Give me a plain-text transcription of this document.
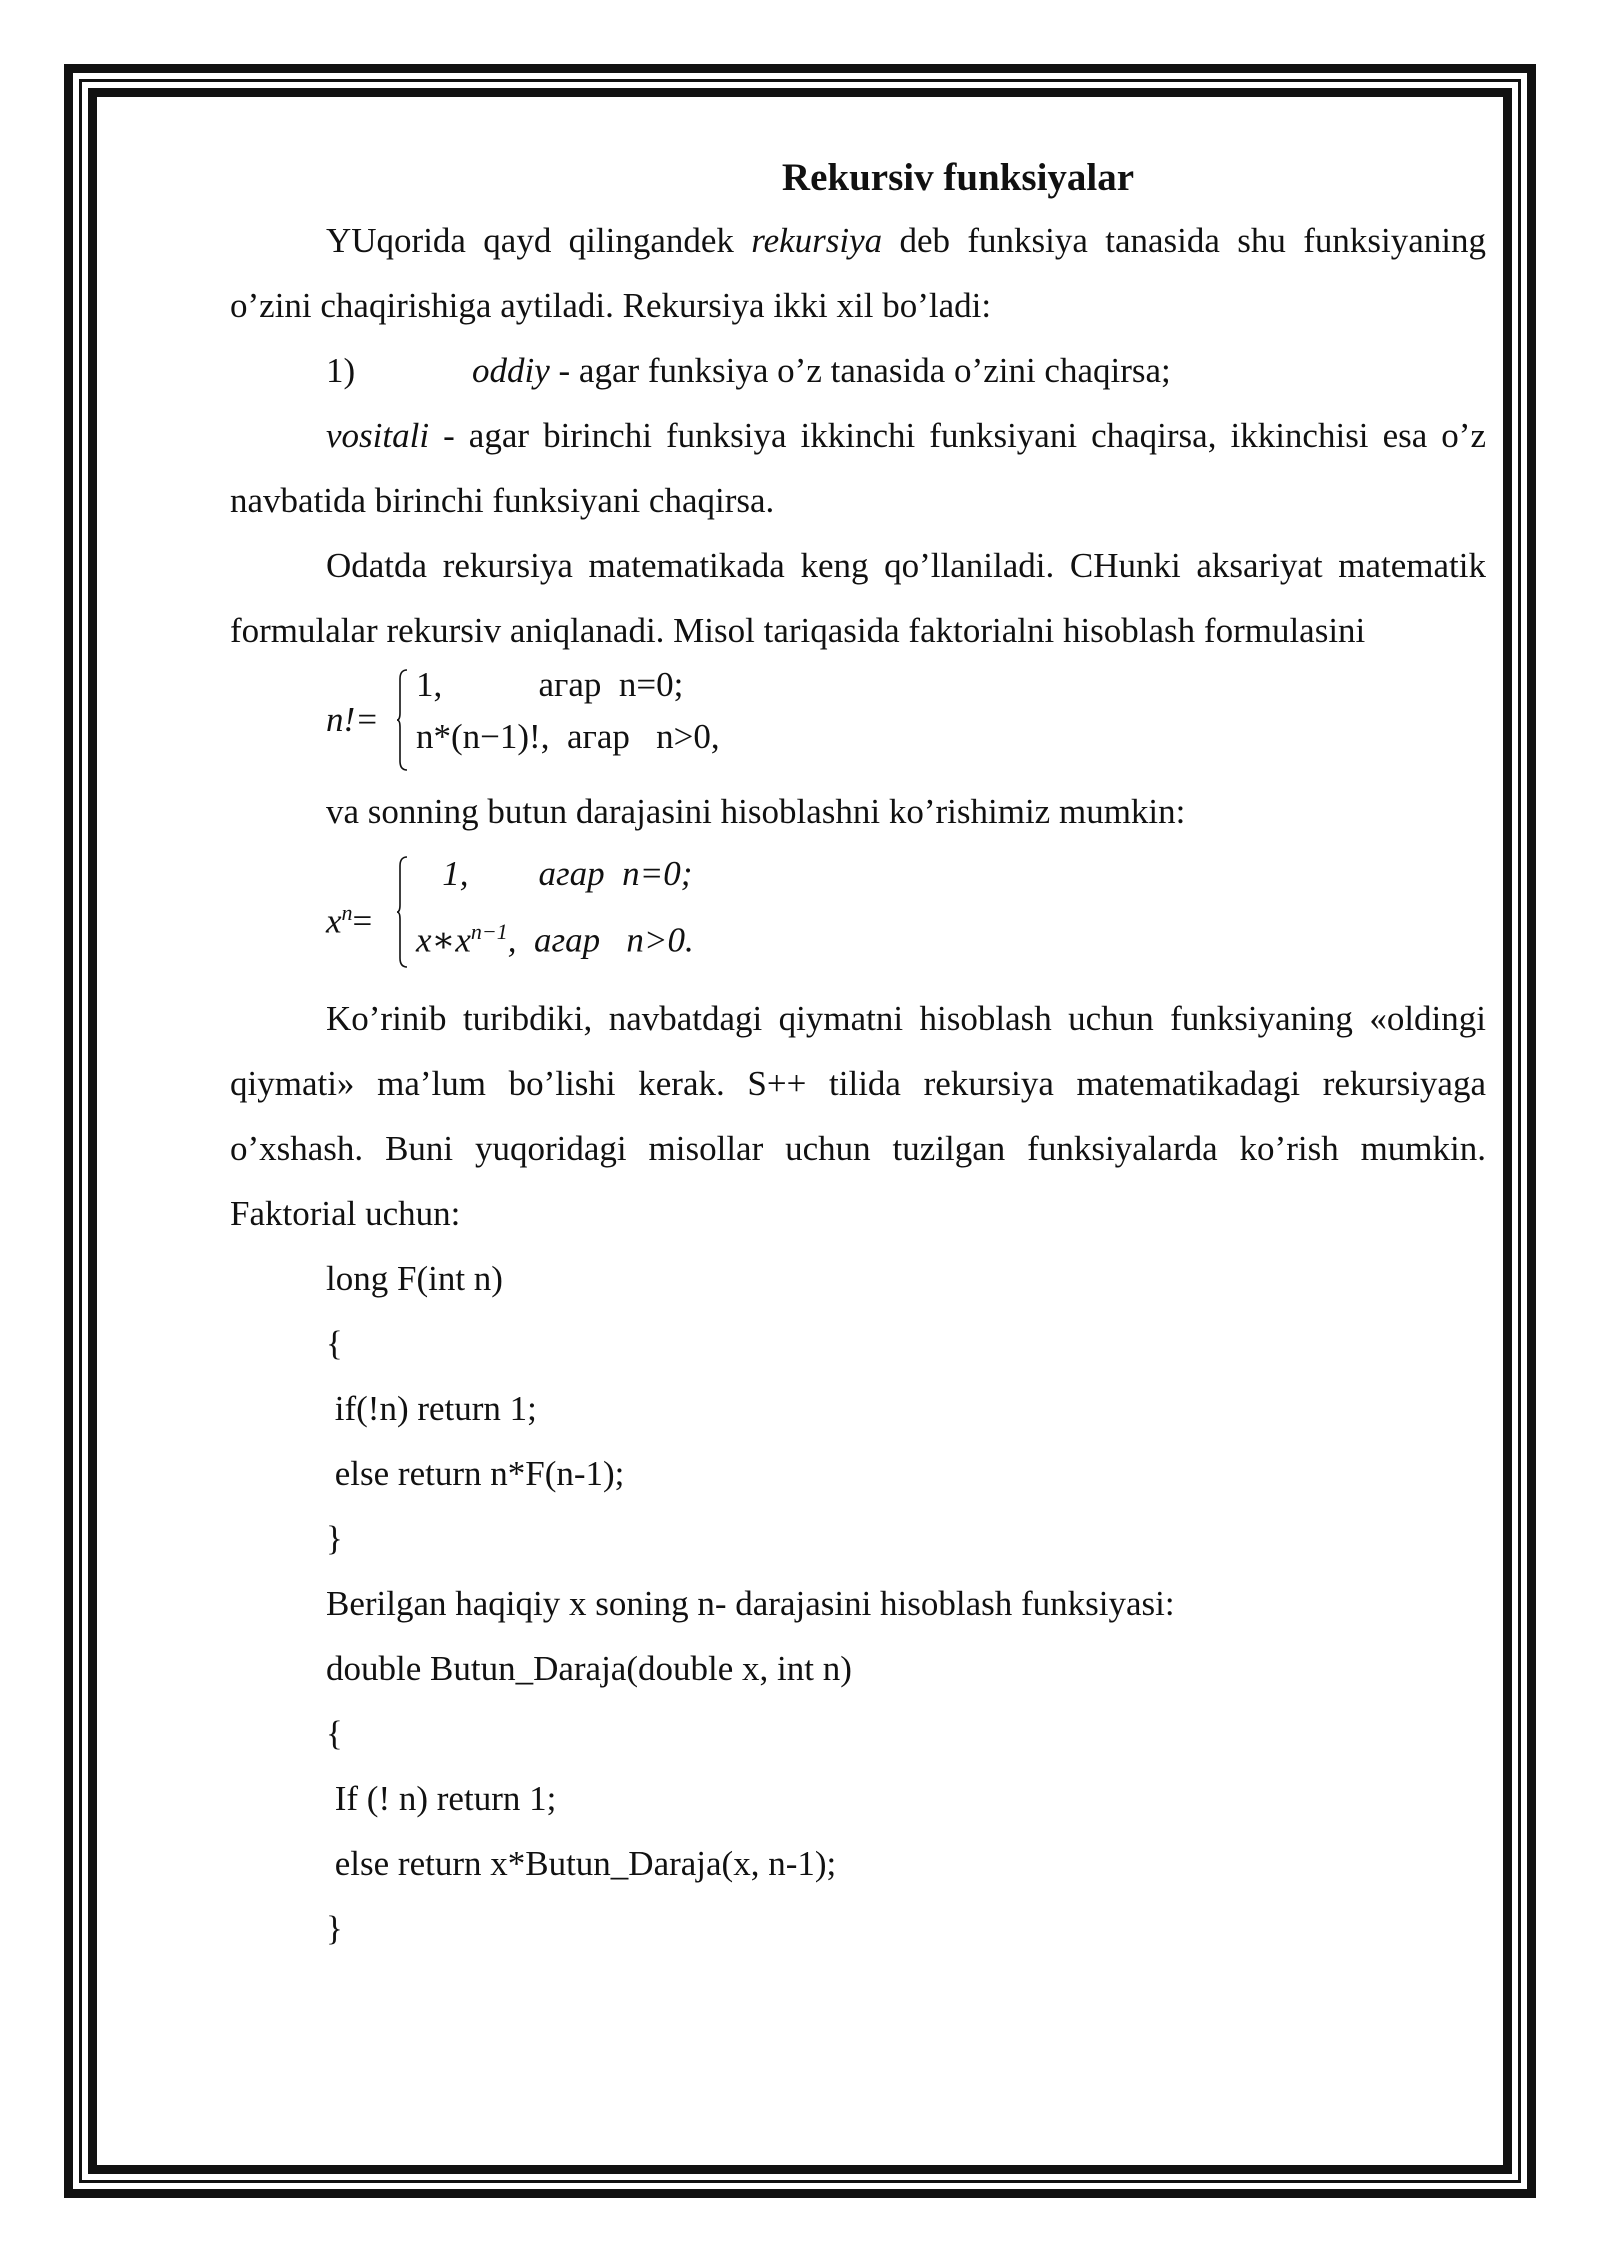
Rekursiv funksiyalar

YUqorida qayd qilingandek rekursiya deb funksiya tanasida shu funksiyaning o’zini chaqirishiga aytiladi. Rekursiya ikki xil bo’ladi:

1)	oddiy - agar funksiya o’z tanasida o’zini chaqirsa;

vositali - agar birinchi funksiya ikkinchi funksiyani chaqirsa, ikkinchisi esa o’z navbatida birinchi funksiyani chaqirsa.

Odatda rekursiya matematikada keng qo’llaniladi. CHunki aksariyat matematik formulalar rekursiv aniqlanadi. Misol tariqasida faktorialni hisoblash formulasini

n!=
1,           агар  n=0;
n*(n−1)!,  агар   n>0,

va sonning butun darajasini hisoblashni ko’rishimiz mumkin:

$x^n=$
1,        агар  n=0;
$x∗x^{n-1}$,  агар   n>0.

Ko’rinib turibdiki, navbatdagi qiymatni hisoblash uchun funksiyaning «oldingi qiymati» ma’lum bo’lishi kerak. S++ tilida rekursiya matematikadagi rekursiyaga o’xshash. Buni yuqoridagi misollar uchun tuzilgan funksiyalarda ko’rish mumkin. Faktorial uchun:

long F(int n)

{

if(!n) return 1;

else return n*F(n-1);

}

Berilgan haqiqiy x soning n- darajasini hisoblash funksiyasi:

double Butun_Daraja(double x, int n)

{

If (! n) return 1;

else return x*Butun_Daraja(x, n-1);

}
